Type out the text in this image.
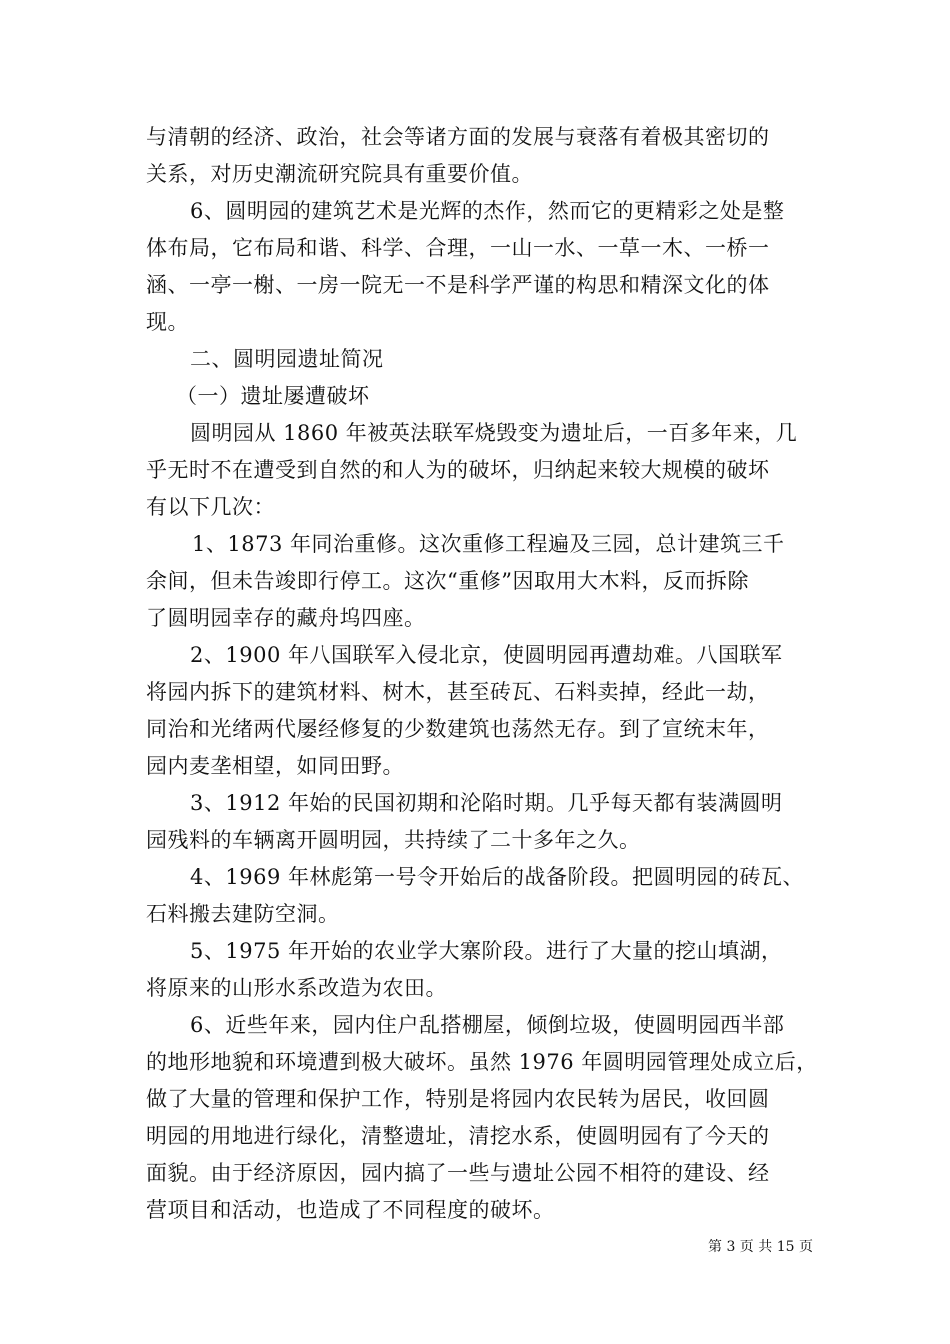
与清朝的经济、政治，社会等诸方面的发展与衰落有着极其密切的
关系，对历史潮流研究院具有重要价值。
6、圆明园的建筑艺术是光辉的杰作，然而它的更精彩之处是整
体布局，它布局和谐、科学、合理，一山一水、一草一木、一桥一
涵、一亭一榭、一房一院无一不是科学严谨的构思和精深文化的体
现。
二、圆明园遗址简况
（一）遗址屡遭破坏
圆明园从 1860 年被英法联军烧毁变为遗址后，一百多年来，几
乎无时不在遭受到自然的和人为的破坏，归纳起来较大规模的破坏
有以下几次：
1、1873 年同治重修。这次重修工程遍及三园，总计建筑三千
余间，但未告竣即行停工。这次“重修”因取用大木料，反而拆除
了圆明园幸存的藏舟坞四座。
2、1900 年八国联军入侵北京，使圆明园再遭劫难。八国联军
将园内拆下的建筑材料、树木，甚至砖瓦、石料卖掉，经此一劫，
同治和光绪两代屡经修复的少数建筑也荡然无存。到了宣统末年，
园内麦垄相望，如同田野。
3、1912 年始的民国初期和沦陷时期。几乎每天都有装满圆明
园残料的车辆离开圆明园，共持续了二十多年之久。
4、1969 年林彪第一号令开始后的战备阶段。把圆明园的砖瓦、
石料搬去建防空洞。
5、1975 年开始的农业学大寨阶段。进行了大量的挖山填湖，
将原来的山形水系改造为农田。
6、近些年来，园内住户乱搭棚屋，倾倒垃圾，使圆明园西半部
的地形地貌和环境遭到极大破坏。虽然 1976 年圆明园管理处成立后，
做了大量的管理和保护工作，特别是将园内农民转为居民，收回圆
明园的用地进行绿化，清整遗址，清挖水系，使圆明园有了今天的
面貌。由于经济原因，园内搞了一些与遗址公园不相符的建设、经
营项目和活动，也造成了不同程度的破坏。
第 3 页 共 15 页
